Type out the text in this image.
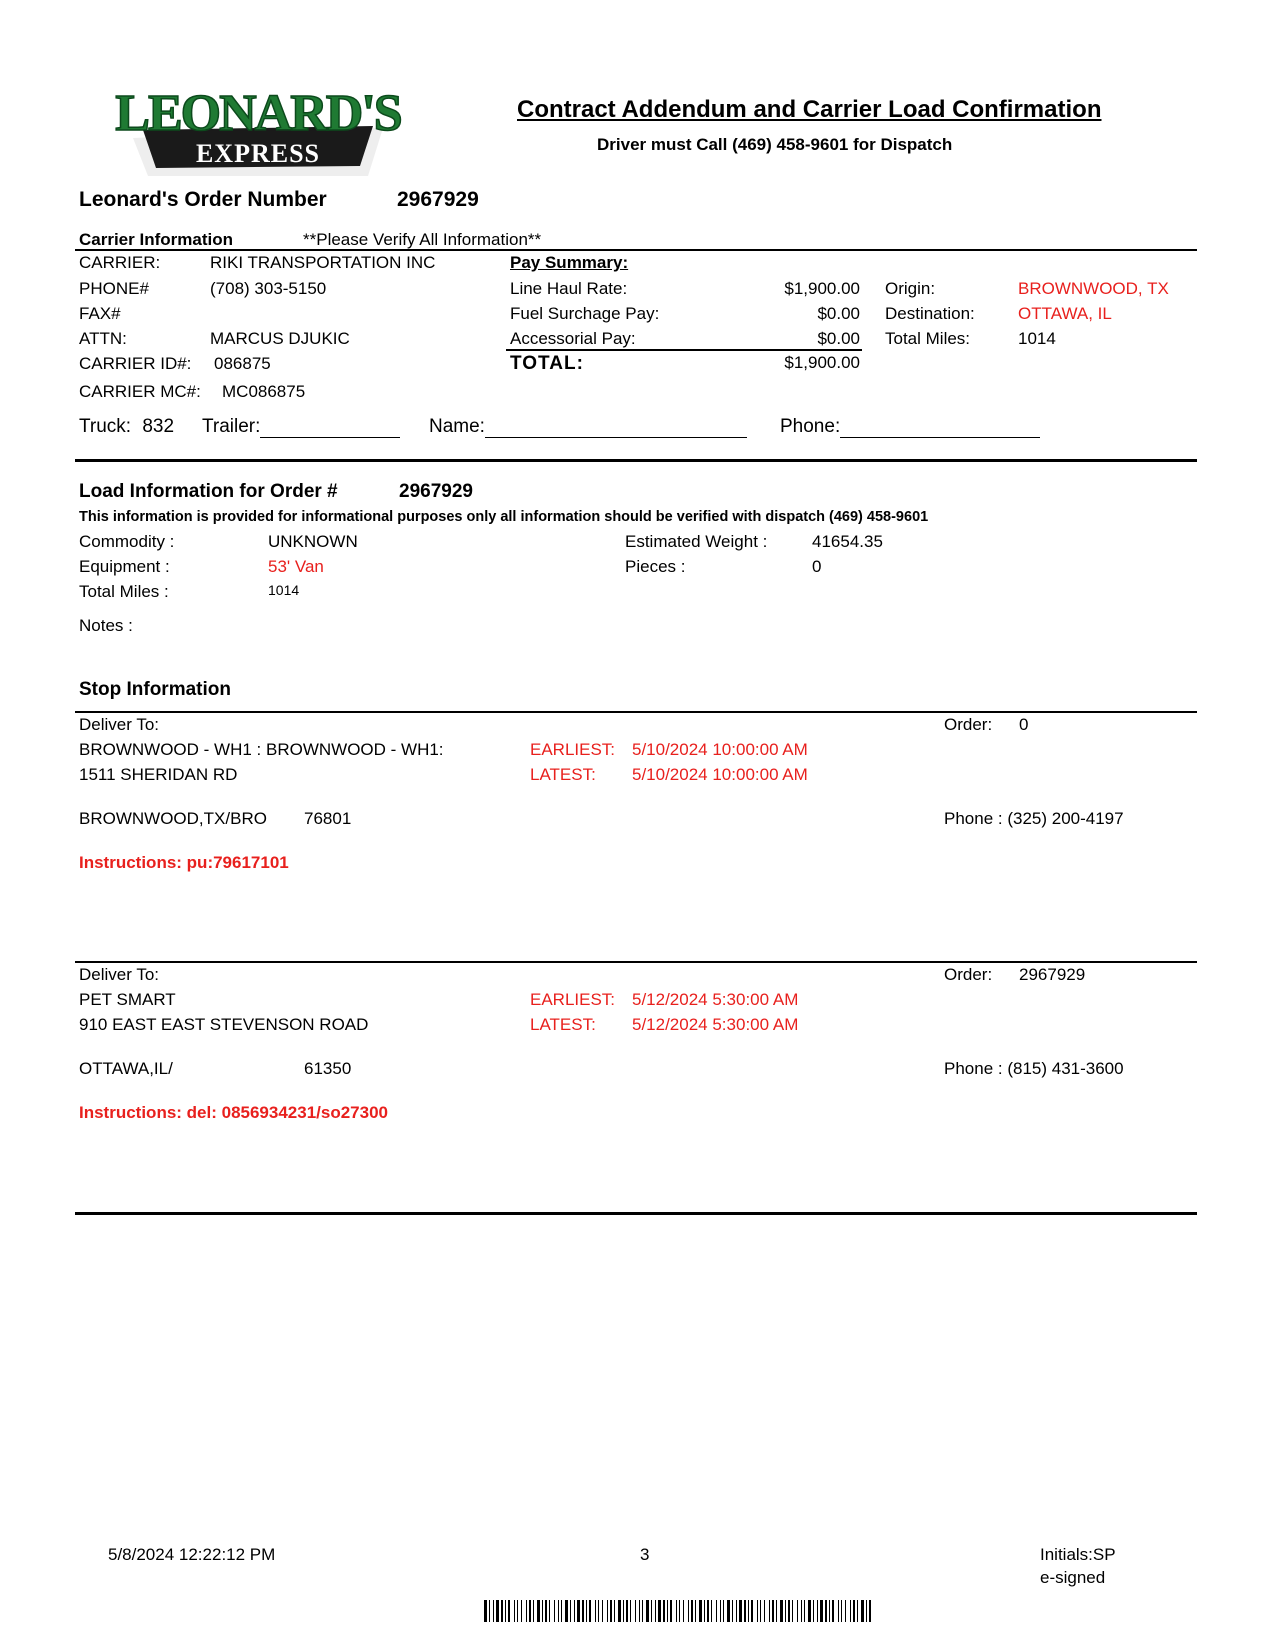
EXPRESS
LEONARD'S	Contract Addendum and Carrier Load Confirmation
Driver must Call (469) 458-9601 for Dispatch
Leonard's Order Number	2967929
Carrier Information	**Please Verify All Information**
CARRIER:	RIKI TRANSPORTATION INC
PHONE#	(708) 303-5150
FAX#
ATTN:	MARCUS DJUKIC
CARRIER ID#: 086875
CARRIER MC#: MC086875
Pay Summary:
Line Haul Rate:	$1,900.00
Fuel Surchage Pay:	$0.00
Accessorial Pay:	$0.00
TOTAL:	$1,900.00
Origin:	BROWNWOOD, TX
Destination:	OTTAWA, IL
Total Miles:	1014
Truck: 832 Trailer:	Name:	Phone:
Load Information for Order #	2967929
This information is provided for informational purposes only all information should be verified with dispatch (469) 458-9601
Commodity :	UNKNOWN
Equipment :	53' Van
Total Miles :	1014
Estimated Weight :	41654.35
Pieces :	0
Notes :
Stop Information
Deliver To:
BROWNWOOD - WH1 : BROWNWOOD - WH1:
1511 SHERIDAN RD
BROWNWOOD,TX/BRO 76801
EARLIEST: 5/10/2024 10:00:00 AM
LATEST: 5/10/2024 10:00:00 AM
Order: 0
Phone : (325) 200-4197
Instructions: pu:79617101
Deliver To:
PET SMART
910 EAST EAST STEVENSON ROAD
OTTAWA,IL/	61350
EARLIEST: 5/12/2024 5:30:00 AM
LATEST: 5/12/2024 5:30:00 AM
Order: 2967929
Phone : (815) 431-3600
Instructions: del: 0856934231/so27300
5/8/2024 12:22:12 PM	3	Initials:SP
e-signed
